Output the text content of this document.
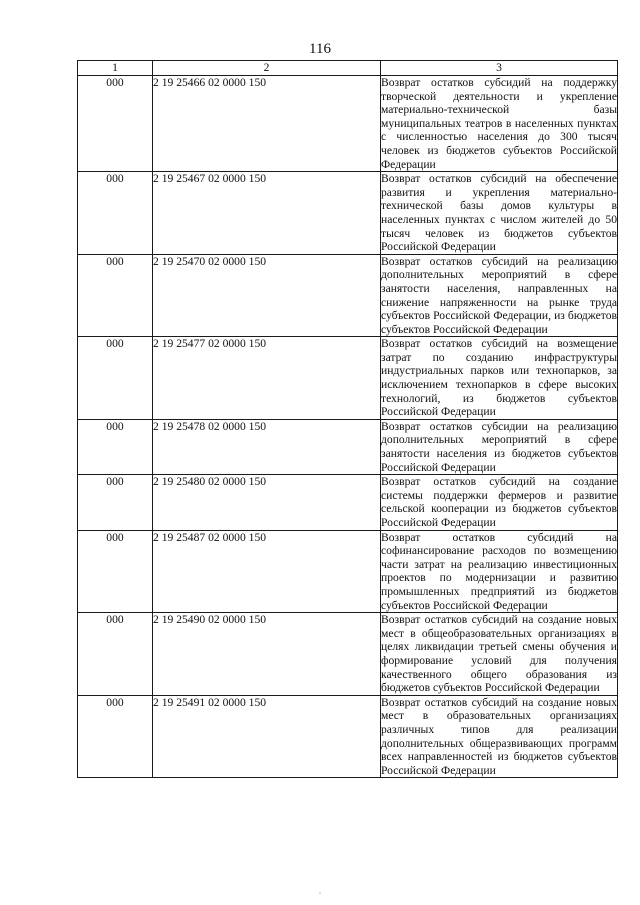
116
1	2	3
000	2 19 25466 02 0000 150	Возврат остатков субсидий на поддержку творческой деятельности и укрепление материально-технической базы муниципальных театров в населенных пунктах с численностью населения до 300 тысяч человек из бюджетов субъектов Российской Федерации
000	2 19 25467 02 0000 150	Возврат остатков субсидий на обеспечение развития и укрепления материально-технической базы домов культуры в населенных пунктах с числом жителей до 50 тысяч человек из бюджетов субъектов Российской Федерации
000	2 19 25470 02 0000 150	Возврат остатков субсидий на реализацию дополнительных мероприятий в сфере занятости населения, направленных на снижение напряженности на рынке труда субъектов Российской Федерации, из бюджетов субъектов Российской Федерации
000	2 19 25477 02 0000 150	Возврат остатков субсидий на возмещение затрат по созданию инфраструктуры индустриальных парков или технопарков, за исключением технопарков в сфере высоких технологий, из бюджетов субъектов Российской Федерации
000	2 19 25478 02 0000 150	Возврат остатков субсидии на реализацию дополнительных мероприятий в сфере занятости населения из бюджетов субъектов Российской Федерации
000	2 19 25480 02 0000 150	Возврат остатков субсидий на создание системы поддержки фермеров и развитие сельской кооперации из бюджетов субъектов Российской Федерации
000	2 19 25487 02 0000 150	Возврат остатков субсидий на софинансирование расходов по возмещению части затрат на реализацию инвестиционных проектов по модернизации и развитию промышленных предприятий из бюджетов субъектов Российской Федерации
000	2 19 25490 02 0000 150	Возврат остатков субсидий на создание новых мест в общеобразовательных организациях в целях ликвидации третьей смены обучения и формирование условий для получения качественного общего образования из бюджетов субъектов Российской Федерации
000	2 19 25491 02 0000 150	Возврат остатков субсидий на создание новых мест в образовательных организациях различных типов для реализации дополнительных общеразвивающих программ всех направленностей из бюджетов субъектов Российской Федерации
·
